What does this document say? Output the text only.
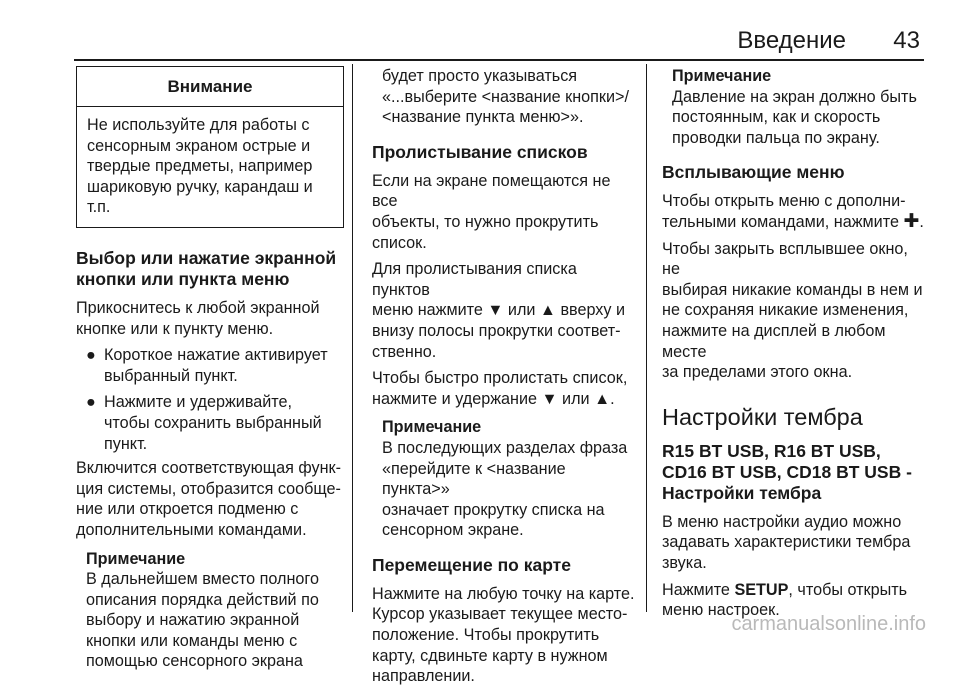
Введение 43
Внимание
Не используйте для работы с
сенсорным экраном острые и
твердые предметы, например
шариковую ручку, карандаш и
т.п.
Выбор или нажатие экранной
кнопки или пункта меню

Прикоснитесь к любой экранной
кнопке или к пункту меню.

● Короткое нажатие активирует
выбранный пункт.
● Нажмите и удерживайте,
чтобы сохранить выбранный
пункт.

Включится соответствующая функ-
ция системы, отобразится сообще-
ние или откроется подменю с
дополнительными командами.

Примечание
В дальнейшем вместо полного
описания порядка действий по
выбору и нажатию экранной
кнопки или команды меню с
помощью сенсорного экрана
будет просто указываться
«...выберите <название кнопки>/
<название пункта меню>».
Пролистывание списков

Если на экране помещаются не все
объекты, то нужно прокрутить
список.

Для пролистывания списка пунктов
меню нажмите ▼ или ▲ вверху и
внизу полосы прокрутки соответ-
ственно.

Чтобы быстро пролистать список,
нажмите и удержание ▼ или ▲.

Примечание
В последующих разделах фраза
«перейдите к <название пункта>»
означает прокрутку списка на
сенсорном экране.
Перемещение по карте

Нажмите на любую точку на карте.
Курсор указывает текущее место-
положение. Чтобы прокрутить
карту, сдвиньте карту в нужном
направлении.

Примечание
Давление на экран должно быть
постоянным, как и скорость
проводки пальца по экрану.
Всплывающие меню

Чтобы открыть меню с дополни-
тельными командами, нажмите ✚.

Чтобы закрыть всплывшее окно, не
выбирая никакие команды в нем и
не сохраняя никакие изменения,
нажмите на дисплей в любом месте
за пределами этого окна.

Настройки тембра
R15 BT USB, R16 BT USB,
CD16 BT USB, CD18 BT USB -
Настройки тембра

В меню настройки аудио можно
задавать характеристики тембра
звука.

Нажмите SETUP, чтобы открыть
меню настроек.

carmanualsonline.info
